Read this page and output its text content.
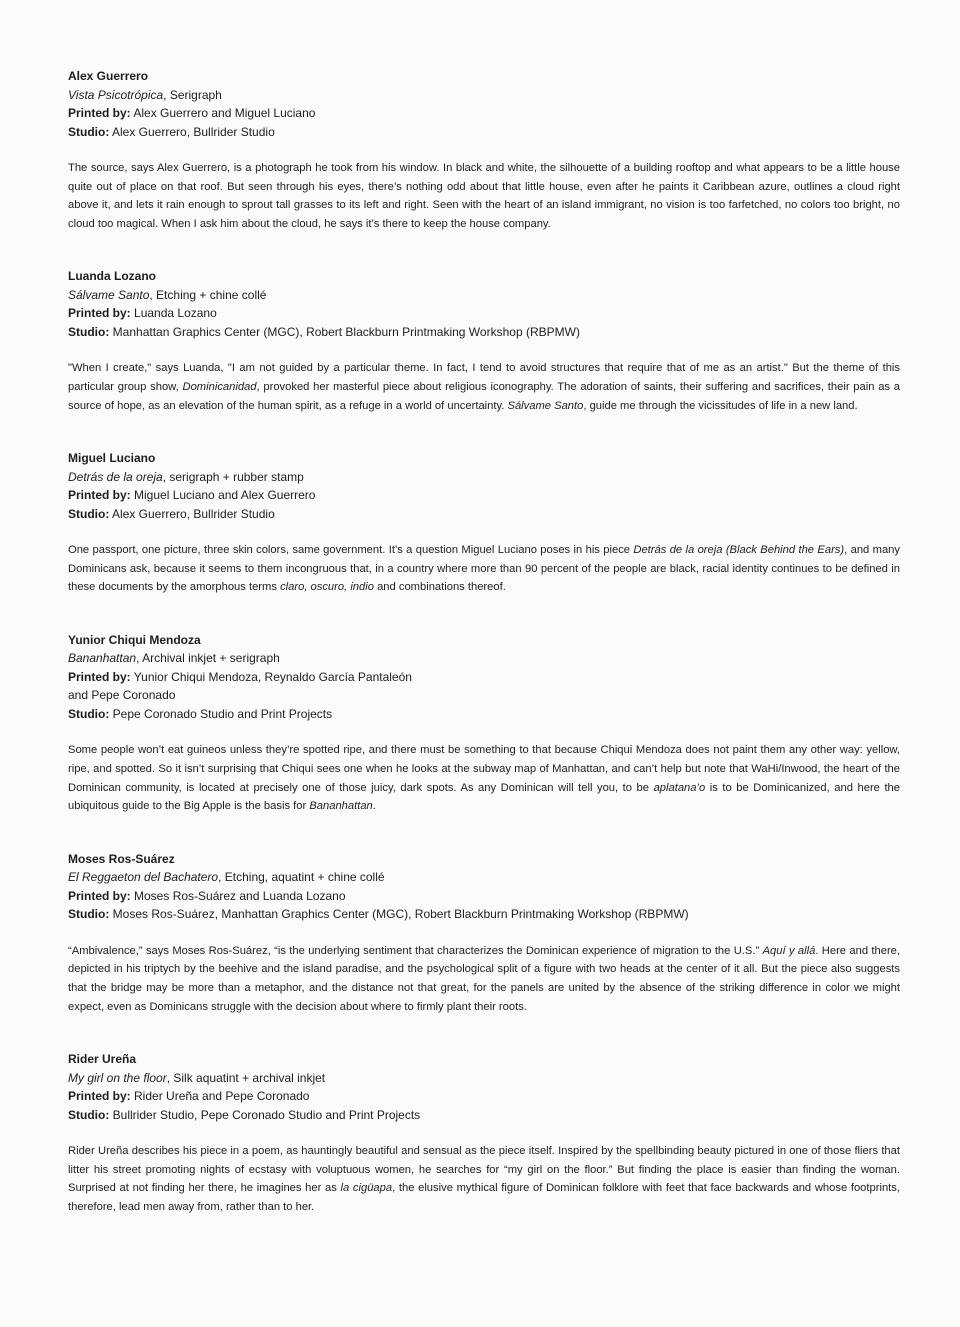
Alex Guerrero
Vista Psicotrópica, Serigraph
Printed by: Alex Guerrero and Miguel Luciano
Studio: Alex Guerrero, Bullrider Studio

The source, says Alex Guerrero, is a photograph he took from his window. In black and white, the silhouette of a building rooftop and what appears to be a little house quite out of place on that roof. But seen through his eyes, there’s nothing odd about that little house, even after he paints it Caribbean azure, outlines a cloud right above it, and lets it rain enough to sprout tall grasses to its left and right. Seen with the heart of an island immigrant, no vision is too farfetched, no colors too bright, no cloud too magical. When I ask him about the cloud, he says it’s there to keep the house company.

Luanda Lozano
Sálvame Santo, Etching + chine collé
Printed by: Luanda Lozano
Studio: Manhattan Graphics Center (MGC), Robert Blackburn Printmaking Workshop (RBPMW)

"When I create," says Luanda, "I am not guided by a particular theme. In fact, I tend to avoid structures that require that of me as an artist." But the theme of this particular group show, Dominicanidad, provoked her masterful piece about religious iconography. The adoration of saints, their suffering and sacrifices, their pain as a source of hope, as an elevation of the human spirit, as a refuge in a world of uncertainty. Sálvame Santo, guide me through the vicissitudes of life in a new land.

Miguel Luciano
Detrás de la oreja, serigraph + rubber stamp
Printed by: Miguel Luciano and Alex Guerrero
Studio: Alex Guerrero, Bullrider Studio

One passport, one picture, three skin colors, same government. It’s a question Miguel Luciano poses in his piece Detrás de la oreja (Black Behind the Ears), and many Dominicans ask, because it seems to them incongruous that, in a country where more than 90 percent of the people are black, racial identity continues to be defined in these documents by the amorphous terms claro, oscuro, indio and combinations thereof.

Yunior Chiqui Mendoza
Bananhattan, Archival inkjet + serigraph
Printed by: Yunior Chiqui Mendoza, Reynaldo García Pantaleón
and Pepe Coronado
Studio: Pepe Coronado Studio and Print Projects

Some people won’t eat guineos unless they’re spotted ripe, and there must be something to that because Chiqui Mendoza does not paint them any other way: yellow, ripe, and spotted. So it isn’t surprising that Chiqui sees one when he looks at the subway map of Manhattan, and can’t help but note that WaHi/Inwood, the heart of the Dominican community, is located at precisely one of those juicy, dark spots. As any Dominican will tell you, to be aplatana’o is to be Dominicanized, and here the ubiquitous guide to the Big Apple is the basis for Bananhattan.

Moses Ros-Suárez
El Reggaeton del Bachatero, Etching, aquatint + chine collé
Printed by: Moses Ros-Suárez and Luanda Lozano
Studio: Moses Ros-Suárez, Manhattan Graphics Center (MGC), Robert Blackburn Printmaking Workshop (RBPMW)

“Ambivalence,” says Moses Ros-Suárez, “is the underlying sentiment that characterizes the Dominican experience of migration to the U.S.” Aquí y allá. Here and there, depicted in his triptych by the beehive and the island paradise, and the psychological split of a figure with two heads at the center of it all. But the piece also suggests that the bridge may be more than a metaphor, and the distance not that great, for the panels are united by the absence of the striking difference in color we might expect, even as Dominicans struggle with the decision about where to firmly plant their roots.

Rider Ureña
My girl on the floor, Silk aquatint + archival inkjet
Printed by: Rider Ureña and Pepe Coronado
Studio: Bullrider Studio, Pepe Coronado Studio and Print Projects

Rider Ureña describes his piece in a poem, as hauntingly beautiful and sensual as the piece itself. Inspired by the spellbinding beauty pictured in one of those fliers that litter his street promoting nights of ecstasy with voluptuous women, he searches for “my girl on the floor.” But finding the place is easier than finding the woman. Surprised at not finding her there, he imagines her as la cigüapa, the elusive mythical figure of Dominican folklore with feet that face backwards and whose footprints, therefore, lead men away from, rather than to her.
